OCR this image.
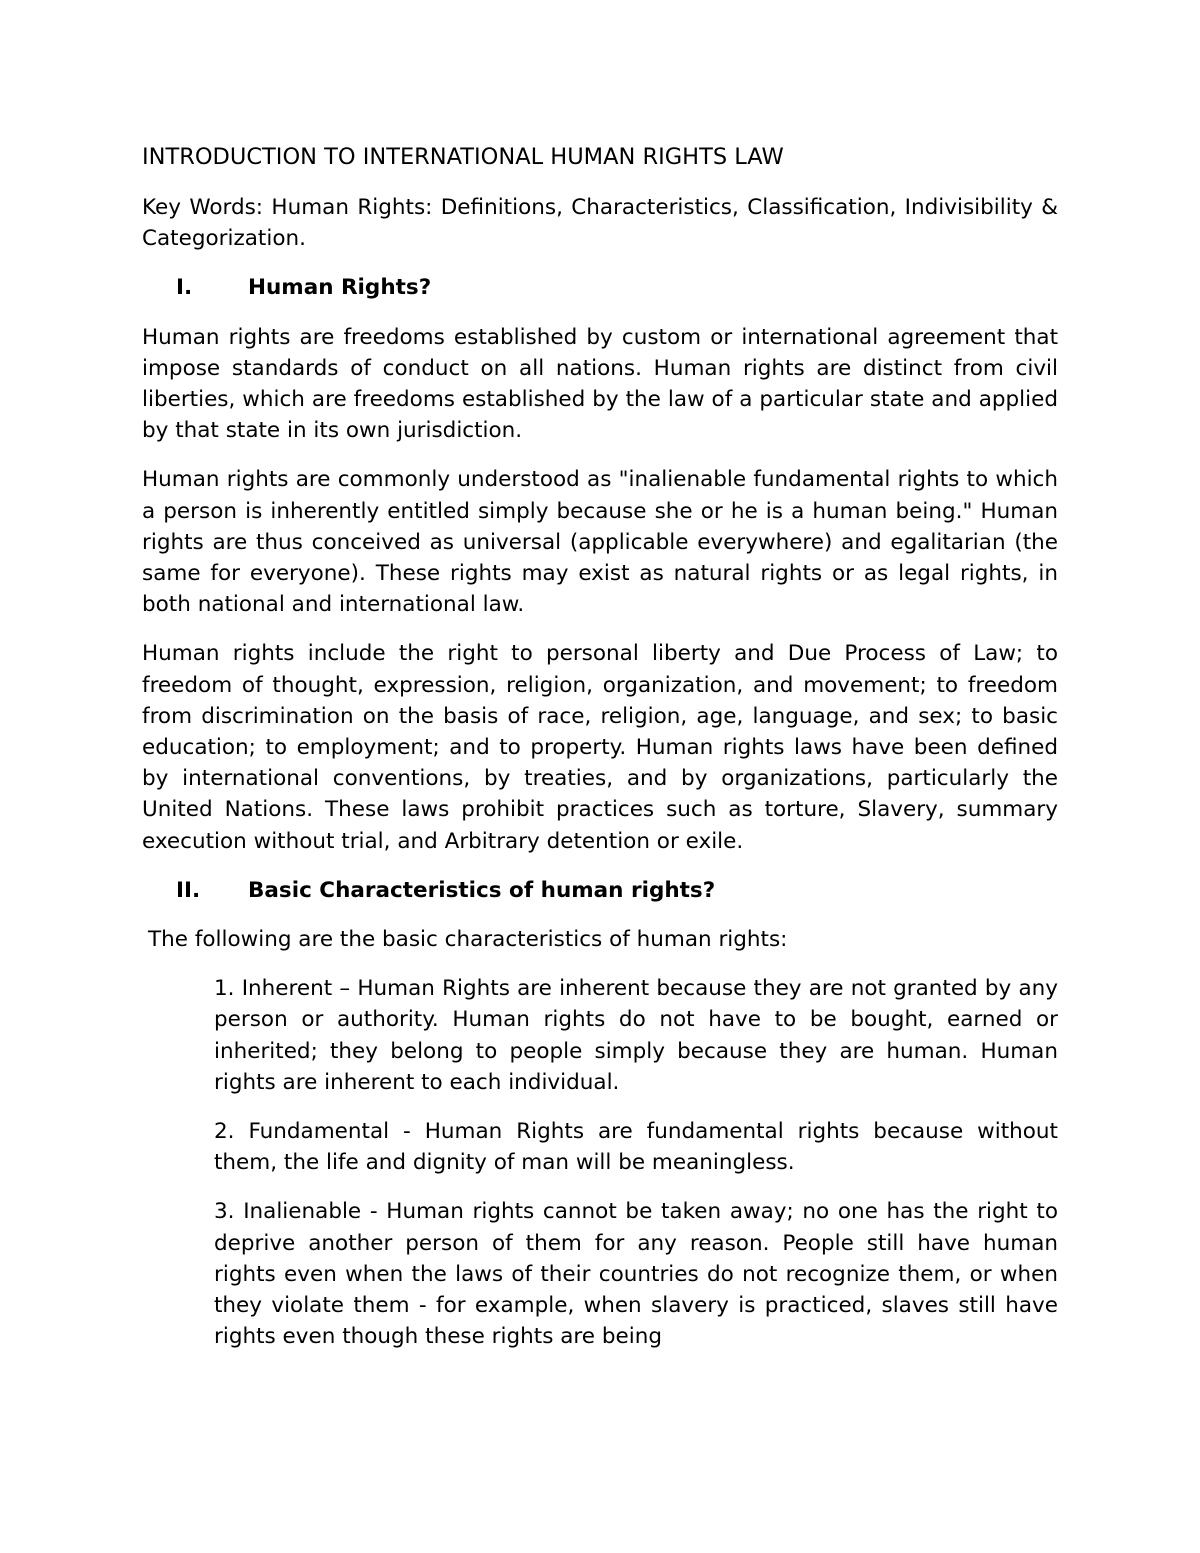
INTRODUCTION TO INTERNATIONAL HUMAN RIGHTS LAW

Key Words: Human Rights: Definitions, Characteristics, Classification, Indivisibility & Categorization.

I.	Human Rights?

Human rights are freedoms established by custom or international agreement that impose standards of conduct on all nations. Human rights are distinct from civil liberties, which are freedoms established by the law of a particular state and applied by that state in its own jurisdiction.

Human rights are commonly understood as "inalienable fundamental rights to which a person is inherently entitled simply because she or he is a human being." Human rights are thus conceived as universal (applicable everywhere) and egalitarian (the same for everyone). These rights may exist as natural rights or as legal rights, in both national and international law.

Human rights include the right to personal liberty and Due Process of Law; to freedom of thought, expression, religion, organization, and movement; to freedom from discrimination on the basis of race, religion, age, language, and sex; to basic education; to employment; and to property. Human rights laws have been defined by international conventions, by treaties, and by organizations, particularly the United Nations. These laws prohibit practices such as torture, Slavery, summary execution without trial, and Arbitrary detention or exile.

II.	Basic Characteristics of human rights?

The following are the basic characteristics of human rights:

1. Inherent – Human Rights are inherent because they are not granted by any person or authority. Human rights do not have to be bought, earned or inherited; they belong to people simply because they are human. Human rights are inherent to each individual.
2. Fundamental - Human Rights are fundamental rights because without them, the life and dignity of man will be meaningless.
3. Inalienable - Human rights cannot be taken away; no one has the right to deprive another person of them for any reason. People still have human rights even when the laws of their countries do not recognize them, or when they violate them - for example, when slavery is practiced, slaves still have rights even though these rights are being
